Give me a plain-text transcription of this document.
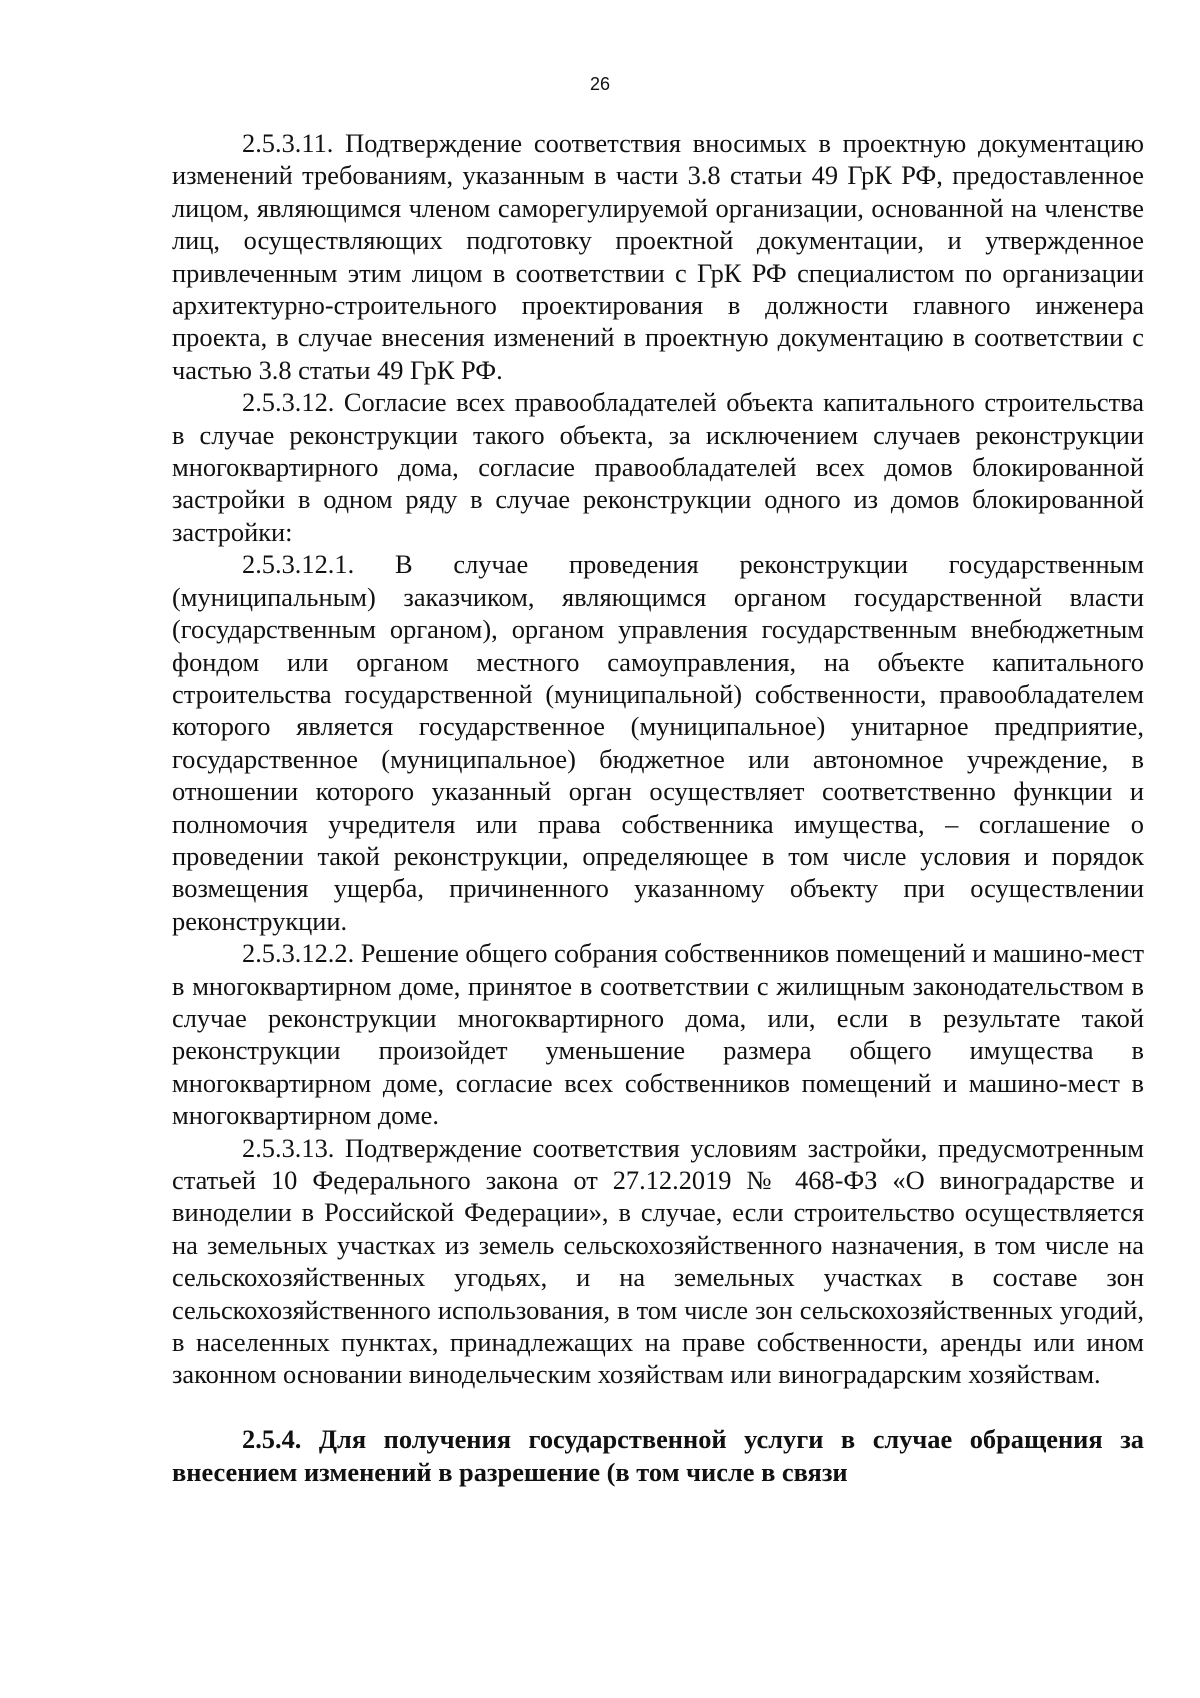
26

2.5.3.11. Подтверждение соответствия вносимых в проектную документацию изменений требованиям, указанным в части 3.8 статьи 49 ГрК РФ, предоставленное лицом, являющимся членом саморегулируемой организации, основанной на членстве лиц, осуществляющих подготовку проектной документации, и утвержденное привлеченным этим лицом в соответствии с ГрК РФ специалистом по организации архитектурно-строительного проектирования в должности главного инженера проекта, в случае внесения изменений в проектную документацию в соответствии с частью 3.8 статьи 49 ГрК РФ.

2.5.3.12. Согласие всех правообладателей объекта капитального строительства в случае реконструкции такого объекта, за исключением случаев реконструкции многоквартирного дома, согласие правообладателей всех домов блокированной застройки в одном ряду в случае реконструкции одного из домов блокированной застройки:

2.5.3.12.1. В случае проведения реконструкции государственным (муниципальным) заказчиком, являющимся органом государственной власти (государственным органом), органом управления государственным внебюджетным фондом или органом местного самоуправления, на объекте капитального строительства государственной (муниципальной) собственности, правообладателем которого является государственное (муниципальное) унитарное предприятие, государственное (муниципальное) бюджетное или автономное учреждение, в отношении которого указанный орган осуществляет соответственно функции и полномочия учредителя или права собственника имущества, – соглашение о проведении такой реконструкции, определяющее в том числе условия и порядок возмещения ущерба, причиненного указанному объекту при осуществлении реконструкции.

2.5.3.12.2. Решение общего собрания собственников помещений и машино-мест в многоквартирном доме, принятое в соответствии с жилищным законодательством в случае реконструкции многоквартирного дома, или, если в результате такой реконструкции произойдет уменьшение размера общего имущества в многоквартирном доме, согласие всех собственников помещений и машино-мест в многоквартирном доме.

2.5.3.13. Подтверждение соответствия условиям застройки, предусмотренным статьей 10 Федерального закона от 27.12.2019 № 468-ФЗ «О виноградарстве и виноделии в Российской Федерации», в случае, если строительство осуществляется на земельных участках из земель сельскохозяйственного назначения, в том числе на сельскохозяйственных угодьях, и на земельных участках в составе зон сельскохозяйственного использования, в том числе зон сельскохозяйственных угодий, в населенных пунктах, принадлежащих на праве собственности, аренды или ином законном основании винодельческим хозяйствам или виноградарским хозяйствам.

2.5.4. Для получения государственной услуги в случае обращения за внесением изменений в разрешение (в том числе в связи
